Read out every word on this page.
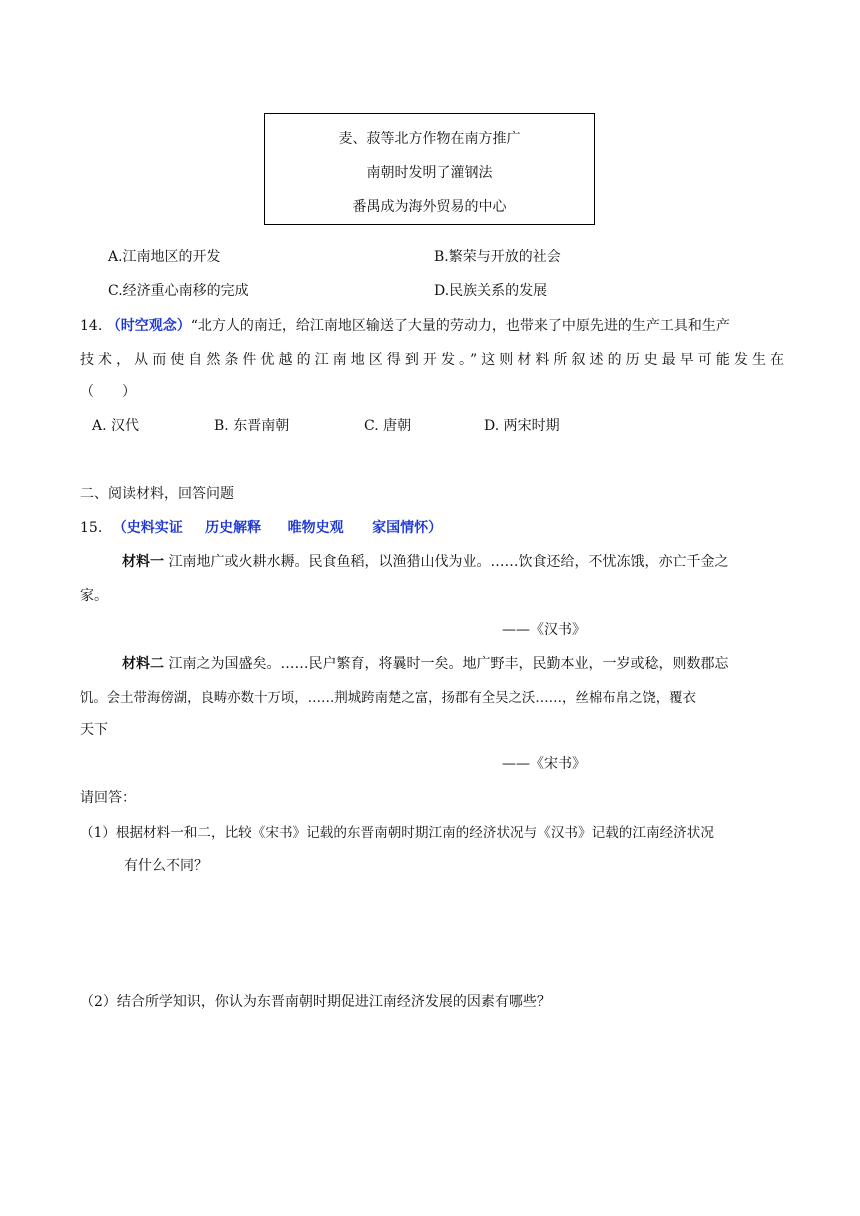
麦、菽等北方作物在南方推广
南朝时发明了灌钢法
番禺成为海外贸易的中心
A.江南地区的开发	B.繁荣与开放的社会
C.经济重心南移的完成	D.民族关系的发展
14. （时空观念）“北方人的南迁，给江南地区输送了大量的劳动力，也带来了中原先进的生产工具和生产
技术，从而使自然条件优越的江南地区得到开发。”这则材料所叙述的历史最早可能发生在
（　　）
A. 汉代	B. 东晋南朝	C. 唐朝	D. 两宋时期
二、阅读材料，回答问题
15. （史料实证 历史解释 唯物史观 家国情怀）
材料一 江南地广或火耕水耨。民食鱼稻，以渔猎山伐为业。……饮食还给，不忧冻饿，亦亡千金之
家。
——《汉书》
材料二 江南之为国盛矣。……民户繁育，将曩时一矣。地广野丰，民勤本业，一岁或稔，则数郡忘
饥。会土带海傍湖，良畴亦数十万顷，……荆城跨南楚之富，扬郡有全吴之沃……，丝棉布帛之饶，覆衣
天下
——《宋书》
请回答：
（1）根据材料一和二，比较《宋书》记载的东晋南朝时期江南的经济状况与《汉书》记载的江南经济状况
有什么不同？
（2）结合所学知识，你认为东晋南朝时期促进江南经济发展的因素有哪些？
